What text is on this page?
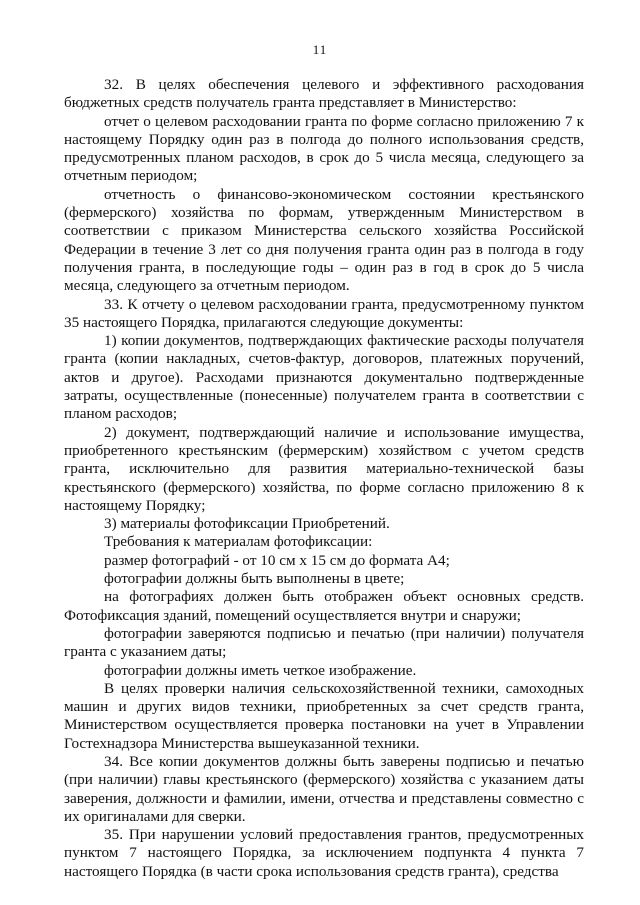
11

32. В целях обеспечения целевого и эффективного расходования бюджетных средств получатель гранта представляет в Министерство:

отчет о целевом расходовании гранта по форме согласно приложению 7 к настоящему Порядку один раз в полгода до полного использования средств, предусмотренных планом расходов, в срок до 5 числа месяца, следующего за отчетным периодом;

отчетность о финансово-экономическом состоянии крестьянского (фермерского) хозяйства по формам, утвержденным Министерством в соответствии с приказом Министерства сельского хозяйства Российской Федерации в течение 3 лет со дня получения гранта один раз в полгода в году получения гранта, в последующие годы – один раз в год в срок до 5 числа месяца, следующего за отчетным периодом.

33. К отчету о целевом расходовании гранта, предусмотренному пунктом 35 настоящего Порядка, прилагаются следующие документы:

1) копии документов, подтверждающих фактические расходы получателя гранта (копии накладных, счетов-фактур, договоров, платежных поручений, актов и другое). Расходами признаются документально подтвержденные затраты, осуществленные (понесенные) получателем гранта в соответствии с планом расходов;

2) документ, подтверждающий наличие и использование имущества, приобретенного крестьянским (фермерским) хозяйством с учетом средств гранта, исключительно для развития материально-технической базы крестьянского (фермерского) хозяйства, по форме согласно приложению 8 к настоящему Порядку;

3) материалы фотофиксации Приобретений.

Требования к материалам фотофиксации:

размер фотографий - от 10 см х 15 см до формата А4;

фотографии должны быть выполнены в цвете;

на фотографиях должен быть отображен объект основных средств. Фотофиксация зданий, помещений осуществляется внутри и снаружи;

фотографии заверяются подписью и печатью (при наличии) получателя гранта с указанием даты;

фотографии должны иметь четкое изображение.

В целях проверки наличия сельскохозяйственной техники, самоходных машин и других видов техники, приобретенных за счет средств гранта, Министерством осуществляется проверка постановки на учет в Управлении Гостехнадзора Министерства вышеуказанной техники.

34. Все копии документов должны быть заверены подписью и печатью (при наличии) главы крестьянского (фермерского) хозяйства с указанием даты заверения, должности и фамилии, имени, отчества и представлены совместно с их оригиналами для сверки.

35. При нарушении условий предоставления грантов, предусмотренных пунктом 7 настоящего Порядка, за исключением подпункта 4 пункта 7 настоящего Порядка (в части срока использования средств гранта), средства
